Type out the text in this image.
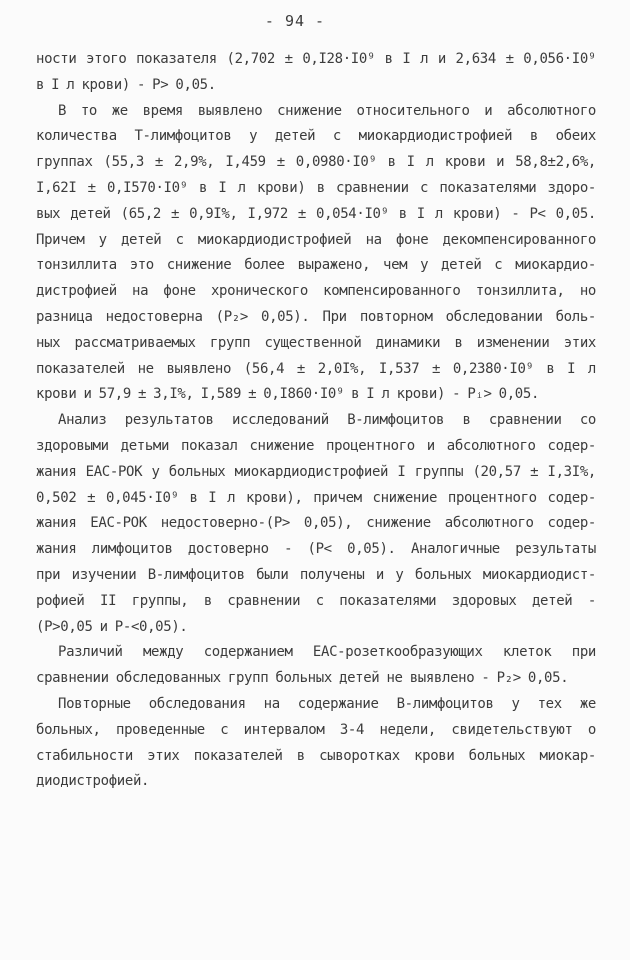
- 94 -
ности этого показателя (2,702 ± 0,I28·I0⁹ в I л и 2,634 ± 0,056·I0⁹
в I л крови) - P> 0,05.
В то же время выявлено снижение относительного и абсолютного
количества Т-лимфоцитов у детей с миокардиодистрофией в обеих
группах (55,3 ± 2,9%, I,459 ± 0,0980·I0⁹ в I л крови и 58,8±2,6%,
I,62I ± 0,I570·I0⁹ в I л крови) в сравнении с показателями здоро-
вых детей (65,2 ± 0,9I%, I,972 ± 0,054·I0⁹ в I л крови) - P< 0,05.
Причем у детей с миокардиодистрофией на фоне декомпенсированного
тонзиллита это снижение более выражено, чем у детей с миокардио-
дистрофией на фоне хронического компенсированного тонзиллита, но
разница недостоверна (P₂> 0,05). При повторном обследовании боль-
ных рассматриваемых групп существенной динамики в изменении этих
показателей не выявлено (56,4 ± 2,0I%, I,537 ± 0,2380·I0⁹ в I л
крови и 57,9 ± 3,I%, I,589 ± 0,I860·I0⁹ в I л крови) - Pᵢ> 0,05.
Анализ результатов исследований В-лимфоцитов в сравнении со
здоровыми детьми показал снижение процентного и абсолютного содер-
жания ЕАС-РОК у больных миокардиодистрофией I группы (20,57 ± I,3I%,
0,502 ± 0,045·I0⁹ в I л крови), причем снижение процентного содер-
жания ЕАС-РОК недостоверно-(P> 0,05), снижение абсолютного содер-
жания лимфоцитов достоверно - (P< 0,05). Аналогичные результаты
при изучении В-лимфоцитов были получены и у больных миокардиодист-
рофией II группы, в сравнении с показателями здоровых детей -
(P>0,05 и P-<0,05).
Различий между содержанием ЕАС-розеткообразующих клеток при
сравнении обследованных групп больных детей не выявлено - P₂> 0,05.
Повторные обследования на содержание В-лимфоцитов у тех же
больных, проведенные с интервалом 3-4 недели, свидетельствуют о
стабильности этих показателей в сыворотках крови больных миокар-
диодистрофией.
